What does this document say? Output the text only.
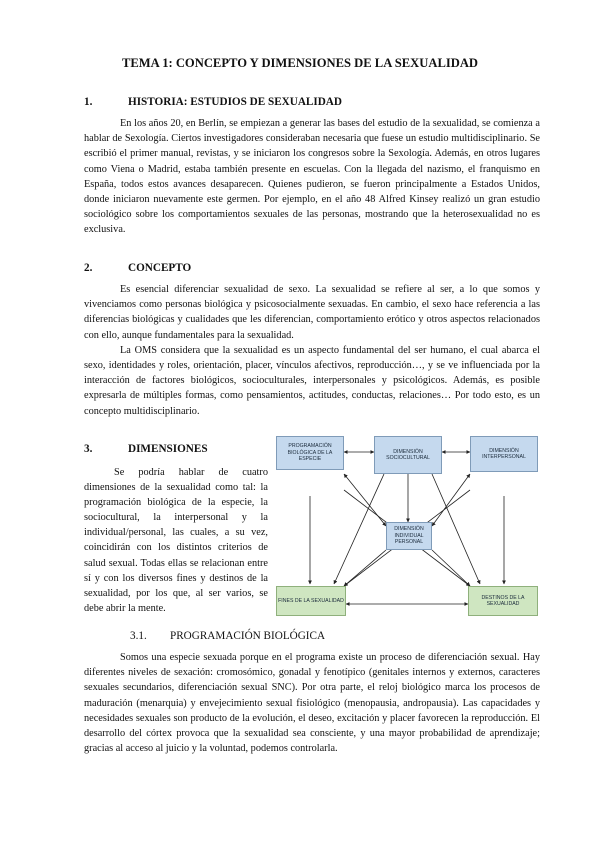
TEMA 1: CONCEPTO Y DIMENSIONES DE LA SEXUALIDAD
1.	HISTORIA: ESTUDIOS DE SEXUALIDAD

En los años 20, en Berlín, se empiezan a generar las bases del estudio de la sexualidad, se comienza a hablar de Sexología. Ciertos investigadores consideraban necesaria que fuese un estudio multidisciplinario. Se escribió el primer manual, revistas, y se iniciaron los congresos sobre la Sexología. Además, en otros lugares como Viena o Madrid, estaba también presente en escuelas. Con la llegada del nazismo, el franquismo en España, todos estos avances desaparecen. Quienes pudieron, se fueron principalmente a Estados Unidos, donde iniciaron nuevamente este germen. Por ejemplo, en el año 48 Alfred Kinsey realizó un gran estudio sociológico sobre los comportamientos sexuales de las personas, mostrando que la heterosexualidad no es exclusiva.

2.	CONCEPTO

Es esencial diferenciar sexualidad de sexo. La sexualidad se refiere al ser, a lo que somos y vivenciamos como personas biológica y psicosocialmente sexuadas. En cambio, el sexo hace referencia a las diferencias biológicas y cualidades que les diferencian, comportamiento erótico y otros aspectos relacionados con ello, aunque fundamentales para la sexualidad.

La OMS considera que la sexualidad es un aspecto fundamental del ser humano, el cual abarca el sexo, identidades y roles, orientación, placer, vínculos afectivos, reproducción…, y se ve influenciada por la interacción de factores biológicos, socioculturales, interpersonales y psicológicos. Además, es posible expresarla de múltiples formas, como pensamientos, actitudes, conductas, relaciones… Por todo esto, es un concepto multidisciplinario.

3.	DIMENSIONES

Se podría hablar de cuatro dimensiones de la sexualidad como tal: la programación biológica de la especie, la sociocultural, la interpersonal y la individual/personal, las cuales, a su vez, coincidirán con los distintos criterios de salud sexual. Todas ellas se relacionan entre sí y con los diversos fines y destinos de la sexualidad, por los que, al ser varios, se debe abrir la mente.

PROGRAMACIÓN BIOLÓGICA DE LA ESPECIE
DIMENSIÓN SOCIOCULTURAL
DIMENSIÓN INTERPERSONAL
DIMENSIÓN INDIVIDUAL PERSONAL
FINES DE LA SEXUALIDAD
DESTINOS DE LA SEXUALIDAD
3.1. PROGRAMACIÓN BIOLÓGICA

Somos una especie sexuada porque en el programa existe un proceso de diferenciación sexual. Hay diferentes niveles de sexación: cromosómico, gonadal y fenotípico (genitales internos y externos, caracteres sexuales secundarios, diferenciación sexual SNC). Por otra parte, el reloj biológico marca los procesos de maduración (menarquia) y envejecimiento sexual fisiológico (menopausia, andropausia). Las capacidades y necesidades sexuales son producto de la evolución, el deseo, excitación y placer favorecen la reproducción. El desarrollo del córtex provoca que la sexualidad sea consciente, y una mayor probabilidad de aprendizaje; gracias al acceso al juicio y la voluntad, podemos controlarla.
